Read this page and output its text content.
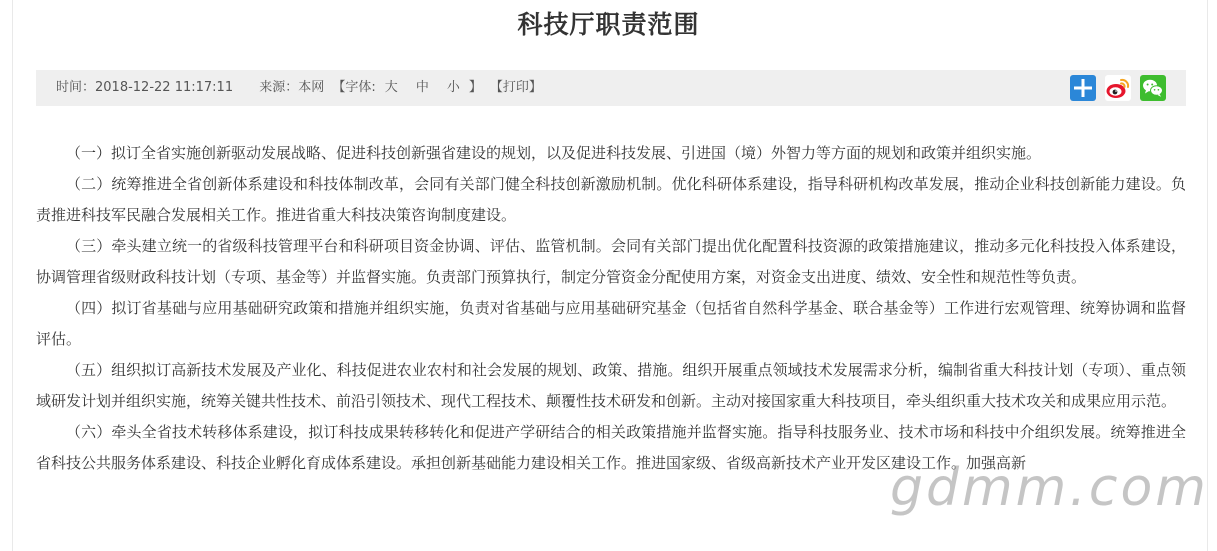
科技厅职责范围
时间：2018-12-22 11:17:11 来源：本网 【字体: 大 中 小 】 【打印】

（一）拟订全省实施创新驱动发展战略、促进科技创新强省建设的规划，以及促进科技发展、引进国（境）外智力等方面的规划和政策并组织实施。

（二）统筹推进全省创新体系建设和科技体制改革，会同有关部门健全科技创新激励机制。优化科研体系建设，指导科研机构改革发展，推动企业科技创新能力建设。负责推进科技军民融合发展相关工作。推进省重大科技决策咨询制度建设。

（三）牵头建立统一的省级科技管理平台和科研项目资金协调、评估、监管机制。会同有关部门提出优化配置科技资源的政策措施建议，推动多元化科技投入体系建设，协调管理省级财政科技计划（专项、基金等）并监督实施。负责部门预算执行，制定分管资金分配使用方案，对资金支出进度、绩效、安全性和规范性等负责。

（四）拟订省基础与应用基础研究政策和措施并组织实施，负责对省基础与应用基础研究基金（包括省自然科学基金、联合基金等）工作进行宏观管理、统筹协调和监督评估。

（五）组织拟订高新技术发展及产业化、科技促进农业农村和社会发展的规划、政策、措施。组织开展重点领域技术发展需求分析，编制省重大科技计划（专项）、重点领域研发计划并组织实施，统筹关键共性技术、前沿引领技术、现代工程技术、颠覆性技术研发和创新。主动对接国家重大科技项目，牵头组织重大技术攻关和成果应用示范。

（六）牵头全省技术转移体系建设，拟订科技成果转移转化和促进产学研结合的相关政策措施并监督实施。指导科技服务业、技术市场和科技中介组织发展。统筹推进全省科技公共服务体系建设、科技企业孵化育成体系建设。承担创新基础能力建设相关工作。推进国家级、省级高新技术产业开发区建设工作。加强高新

gdmm.com
